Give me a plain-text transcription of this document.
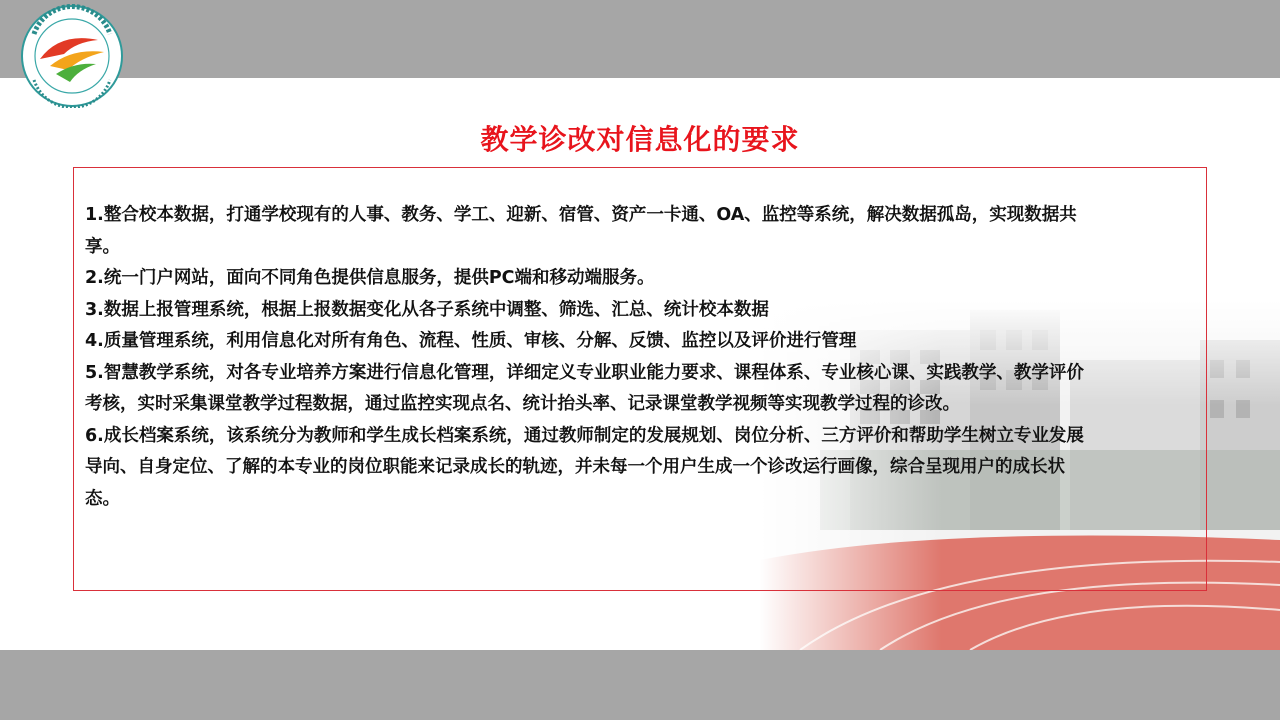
教学诊改对信息化的要求
1.整合校本数据，打通学校现有的人事、教务、学工、迎新、宿管、资产一卡通、OA、监控等系统，解决数据孤岛，实现数据共享。
2.统一门户网站，面向不同角色提供信息服务，提供PC端和移动端服务。
3.数据上报管理系统，根据上报数据变化从各子系统中调整、筛选、汇总、统计校本数据
4.质量管理系统，利用信息化对所有角色、流程、性质、审核、分解、反馈、监控以及评价进行管理
5.智慧教学系统，对各专业培养方案进行信息化管理，详细定义专业职业能力要求、课程体系、专业核心课、实践教学、教学评价考核，实时采集课堂教学过程数据，通过监控实现点名、统计抬头率、记录课堂教学视频等实现教学过程的诊改。
6.成长档案系统，该系统分为教师和学生成长档案系统，通过教师制定的发展规划、岗位分析、三方评价和帮助学生树立专业发展导向、自身定位、了解的本专业的岗位职能来记录成长的轨迹，并未每一个用户生成一个诊改运行画像，综合呈现用户的成长状态。
